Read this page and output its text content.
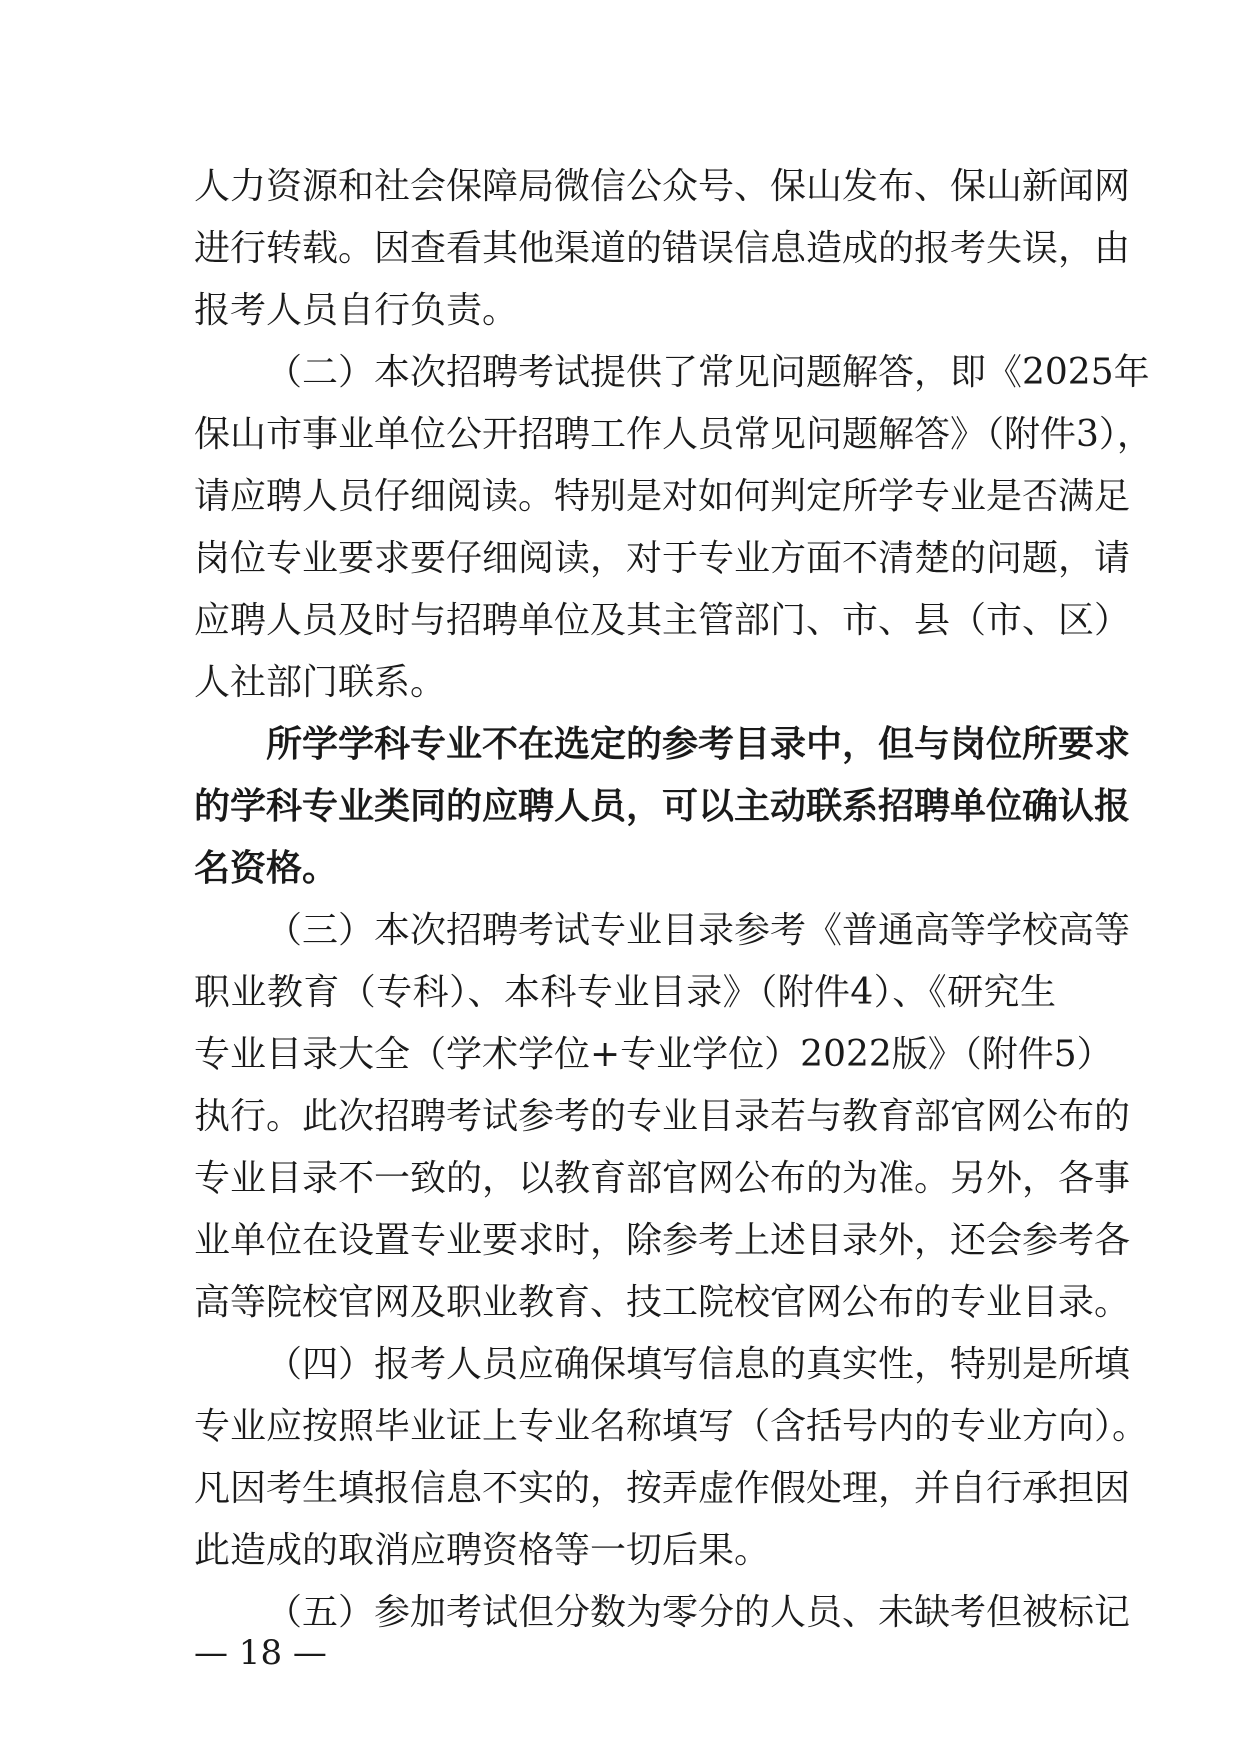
人力资源和社会保障局微信公众号、保山发布、保山新闻网
进行转载。因查看其他渠道的错误信息造成的报考失误，由
报考人员自行负责。
（二）本次招聘考试提供了常见问题解答，即《2025年
保山市事业单位公开招聘工作人员常见问题解答》（附件3），
请应聘人员仔细阅读。特别是对如何判定所学专业是否满足
岗位专业要求要仔细阅读，对于专业方面不清楚的问题，请
应聘人员及时与招聘单位及其主管部门、市、县（市、区）
人社部门联系。
所学学科专业不在选定的参考目录中，但与岗位所要求
的学科专业类同的应聘人员，可以主动联系招聘单位确认报
名资格。
（三）本次招聘考试专业目录参考《普通高等学校高等
职业教育（专科）、本科专业目录》（附件4）、《研究生
专业目录大全（学术学位+专业学位）2022版》（附件5）
执行。此次招聘考试参考的专业目录若与教育部官网公布的
专业目录不一致的，以教育部官网公布的为准。另外，各事
业单位在设置专业要求时，除参考上述目录外，还会参考各
高等院校官网及职业教育、技工院校官网公布的专业目录。
（四）报考人员应确保填写信息的真实性，特别是所填
专业应按照毕业证上专业名称填写（含括号内的专业方向）。
凡因考生填报信息不实的，按弄虚作假处理，并自行承担因
此造成的取消应聘资格等一切后果。
（五）参加考试但分数为零分的人员、未缺考但被标记
— 18 —
